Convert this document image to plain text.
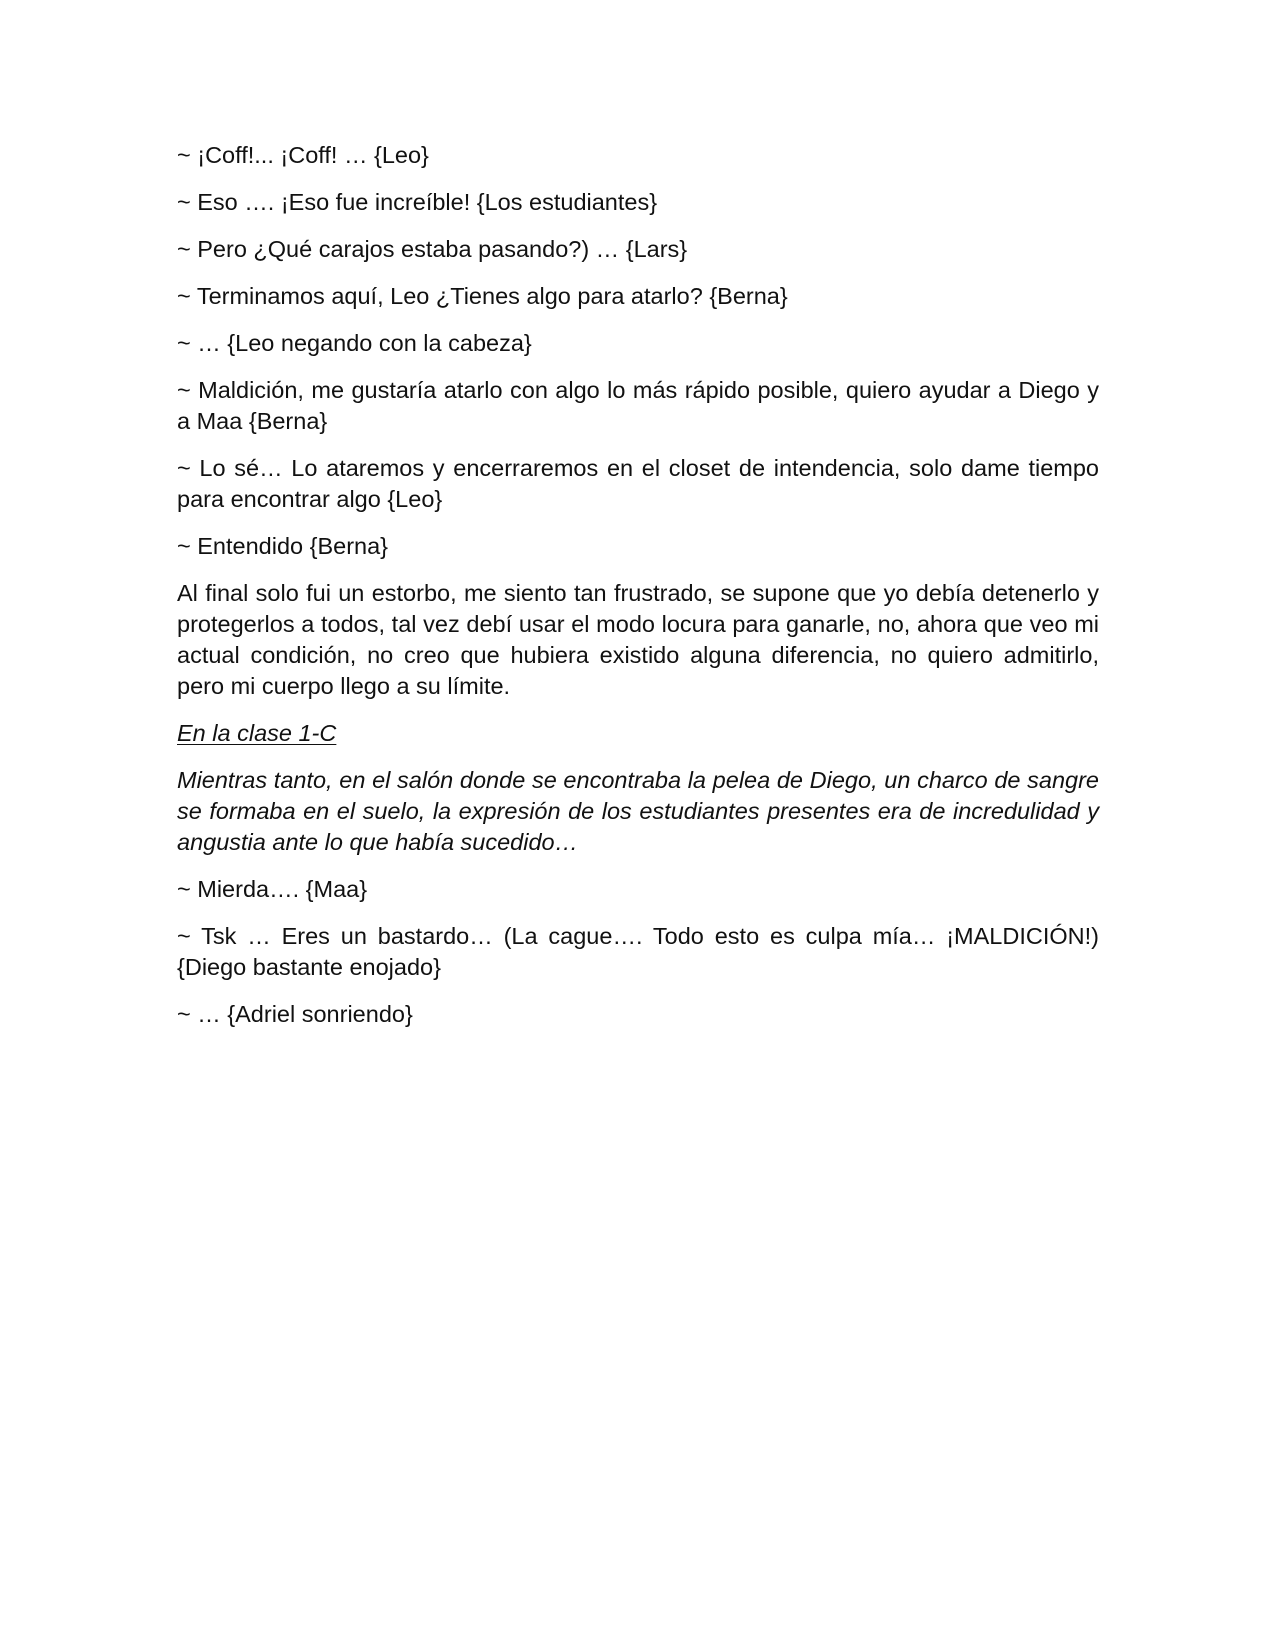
~ ¡Coff!... ¡Coff! … {Leo}

~ Eso …. ¡Eso fue increíble! {Los estudiantes}

~ Pero ¿Qué carajos estaba pasando?) … {Lars}

~ Terminamos aquí, Leo ¿Tienes algo para atarlo? {Berna}

~ … {Leo negando con la cabeza}

~ Maldición, me gustaría atarlo con algo lo más rápido posible, quiero ayudar a Diego y a Maa {Berna}

~ Lo sé… Lo ataremos y encerraremos en el closet de intendencia, solo dame tiempo para encontrar algo {Leo}

~ Entendido {Berna}

Al final solo fui un estorbo, me siento tan frustrado, se supone que yo debía detenerlo y protegerlos a todos, tal vez debí usar el modo locura para ganarle, no, ahora que veo mi actual condición, no creo que hubiera existido alguna diferencia, no quiero admitirlo, pero mi cuerpo llego a su límite.

En la clase 1-C

Mientras tanto, en el salón donde se encontraba la pelea de Diego, un charco de sangre se formaba en el suelo, la expresión de los estudiantes presentes era de incredulidad y angustia ante lo que había sucedido…

~ Mierda…. {Maa}

~ Tsk … Eres un bastardo… (La cague…. Todo esto es culpa mía… ¡MALDICIÓN!) {Diego bastante enojado}

~ … {Adriel sonriendo}
